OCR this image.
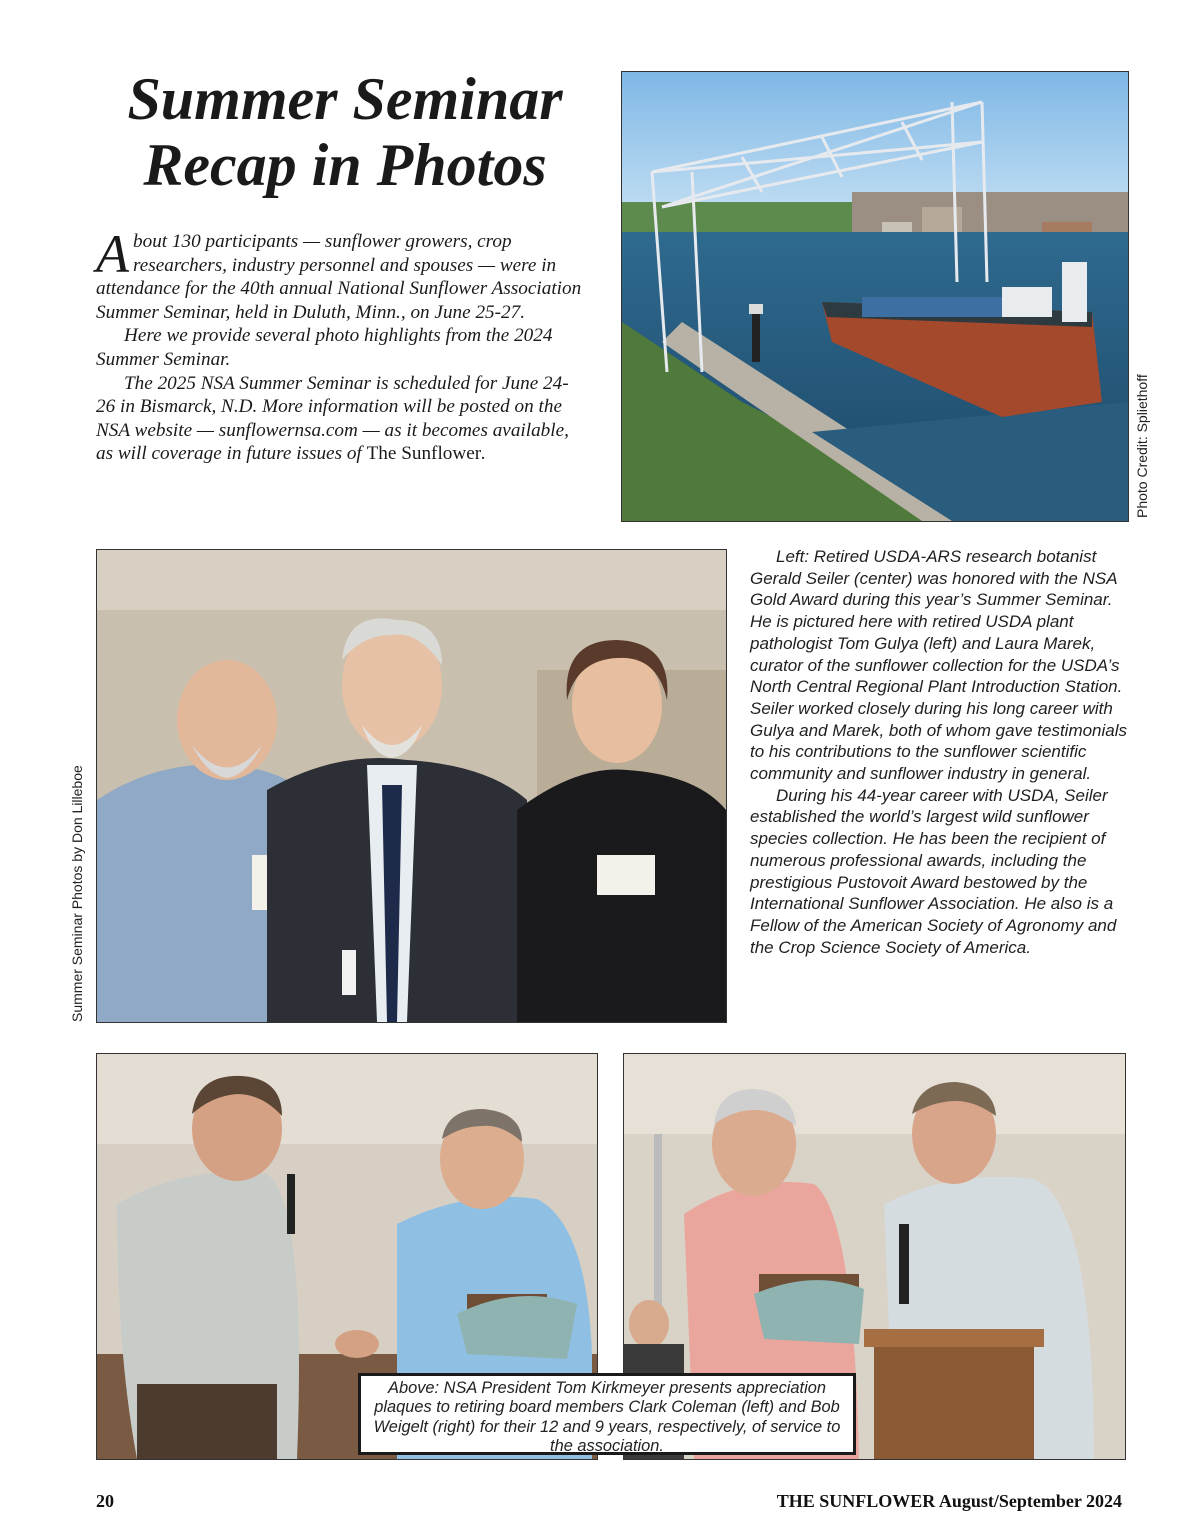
Summer Seminar
Recap in Photos

About 130 participants — sunflower growers, crop researchers, industry personnel and spouses — were in attendance for the 40th annual National Sunflower Association Summer Seminar, held in Duluth, Minn., on June 25-27.

Here we provide several photo highlights from the 2024 Summer Seminar.

The 2025 NSA Summer Seminar is scheduled for June 24-26 in Bismarck, N.D. More information will be posted on the NSA website — sunflowernsa.com — as it becomes available, as will coverage in future issues of The Sunflower.	Photo Credit: Spliethoff
Summer Seminar Photos by Don Lilleboe

Left: Retired USDA-ARS research botanist Gerald Seiler (center) was honored with the NSA Gold Award during this year’s Summer Seminar. He is pictured here with retired USDA plant pathologist Tom Gulya (left) and Laura Marek, curator of the sunflower collection for the USDA’s North Central Regional Plant Introduction Station. Seiler worked closely during his long career with Gulya and Marek, both of whom gave testimonials to his contributions to the sunflower scientific community and sunflower industry in general.

During his 44-year career with USDA, Seiler established the world’s largest wild sunflower species collection. He has been the recipient of numerous professional awards, including the prestigious Pustovoit Award bestowed by the International Sunflower Association. He also is a Fellow of the American Society of Agronomy and the Crop Science Society of America.

Above: NSA President Tom Kirkmeyer presents appreciation plaques to retiring board members Clark Coleman (left) and Bob Weigelt (right) for their 12 and 9 years, respectively, of service to the association.
20	THE SUNFLOWER August/September 2024
